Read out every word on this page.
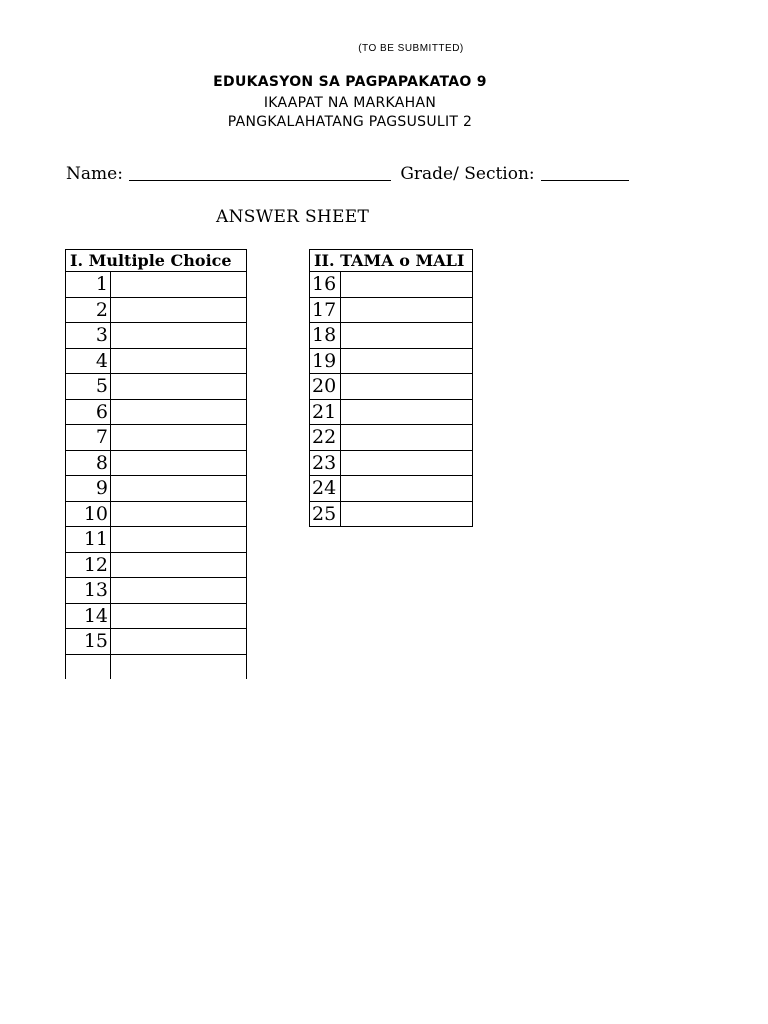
(TO BE SUBMITTED)
EDUKASYON SA PAGPAPAKATAO 9
IKAAPAT NA MARKAHAN
PANGKALAHATANG PAGSUSULIT 2
Name:	Grade/ Section:
ANSWER SHEET
I. Multiple Choice	
1	
2	
3	
4	
5	
6	
7	
8	
9	
10	
11	
12	
13	
14	
15	

II. TAMA o MALI	
16	
17	
18	
19	
20	
21	
22	
23	
24	
25	
